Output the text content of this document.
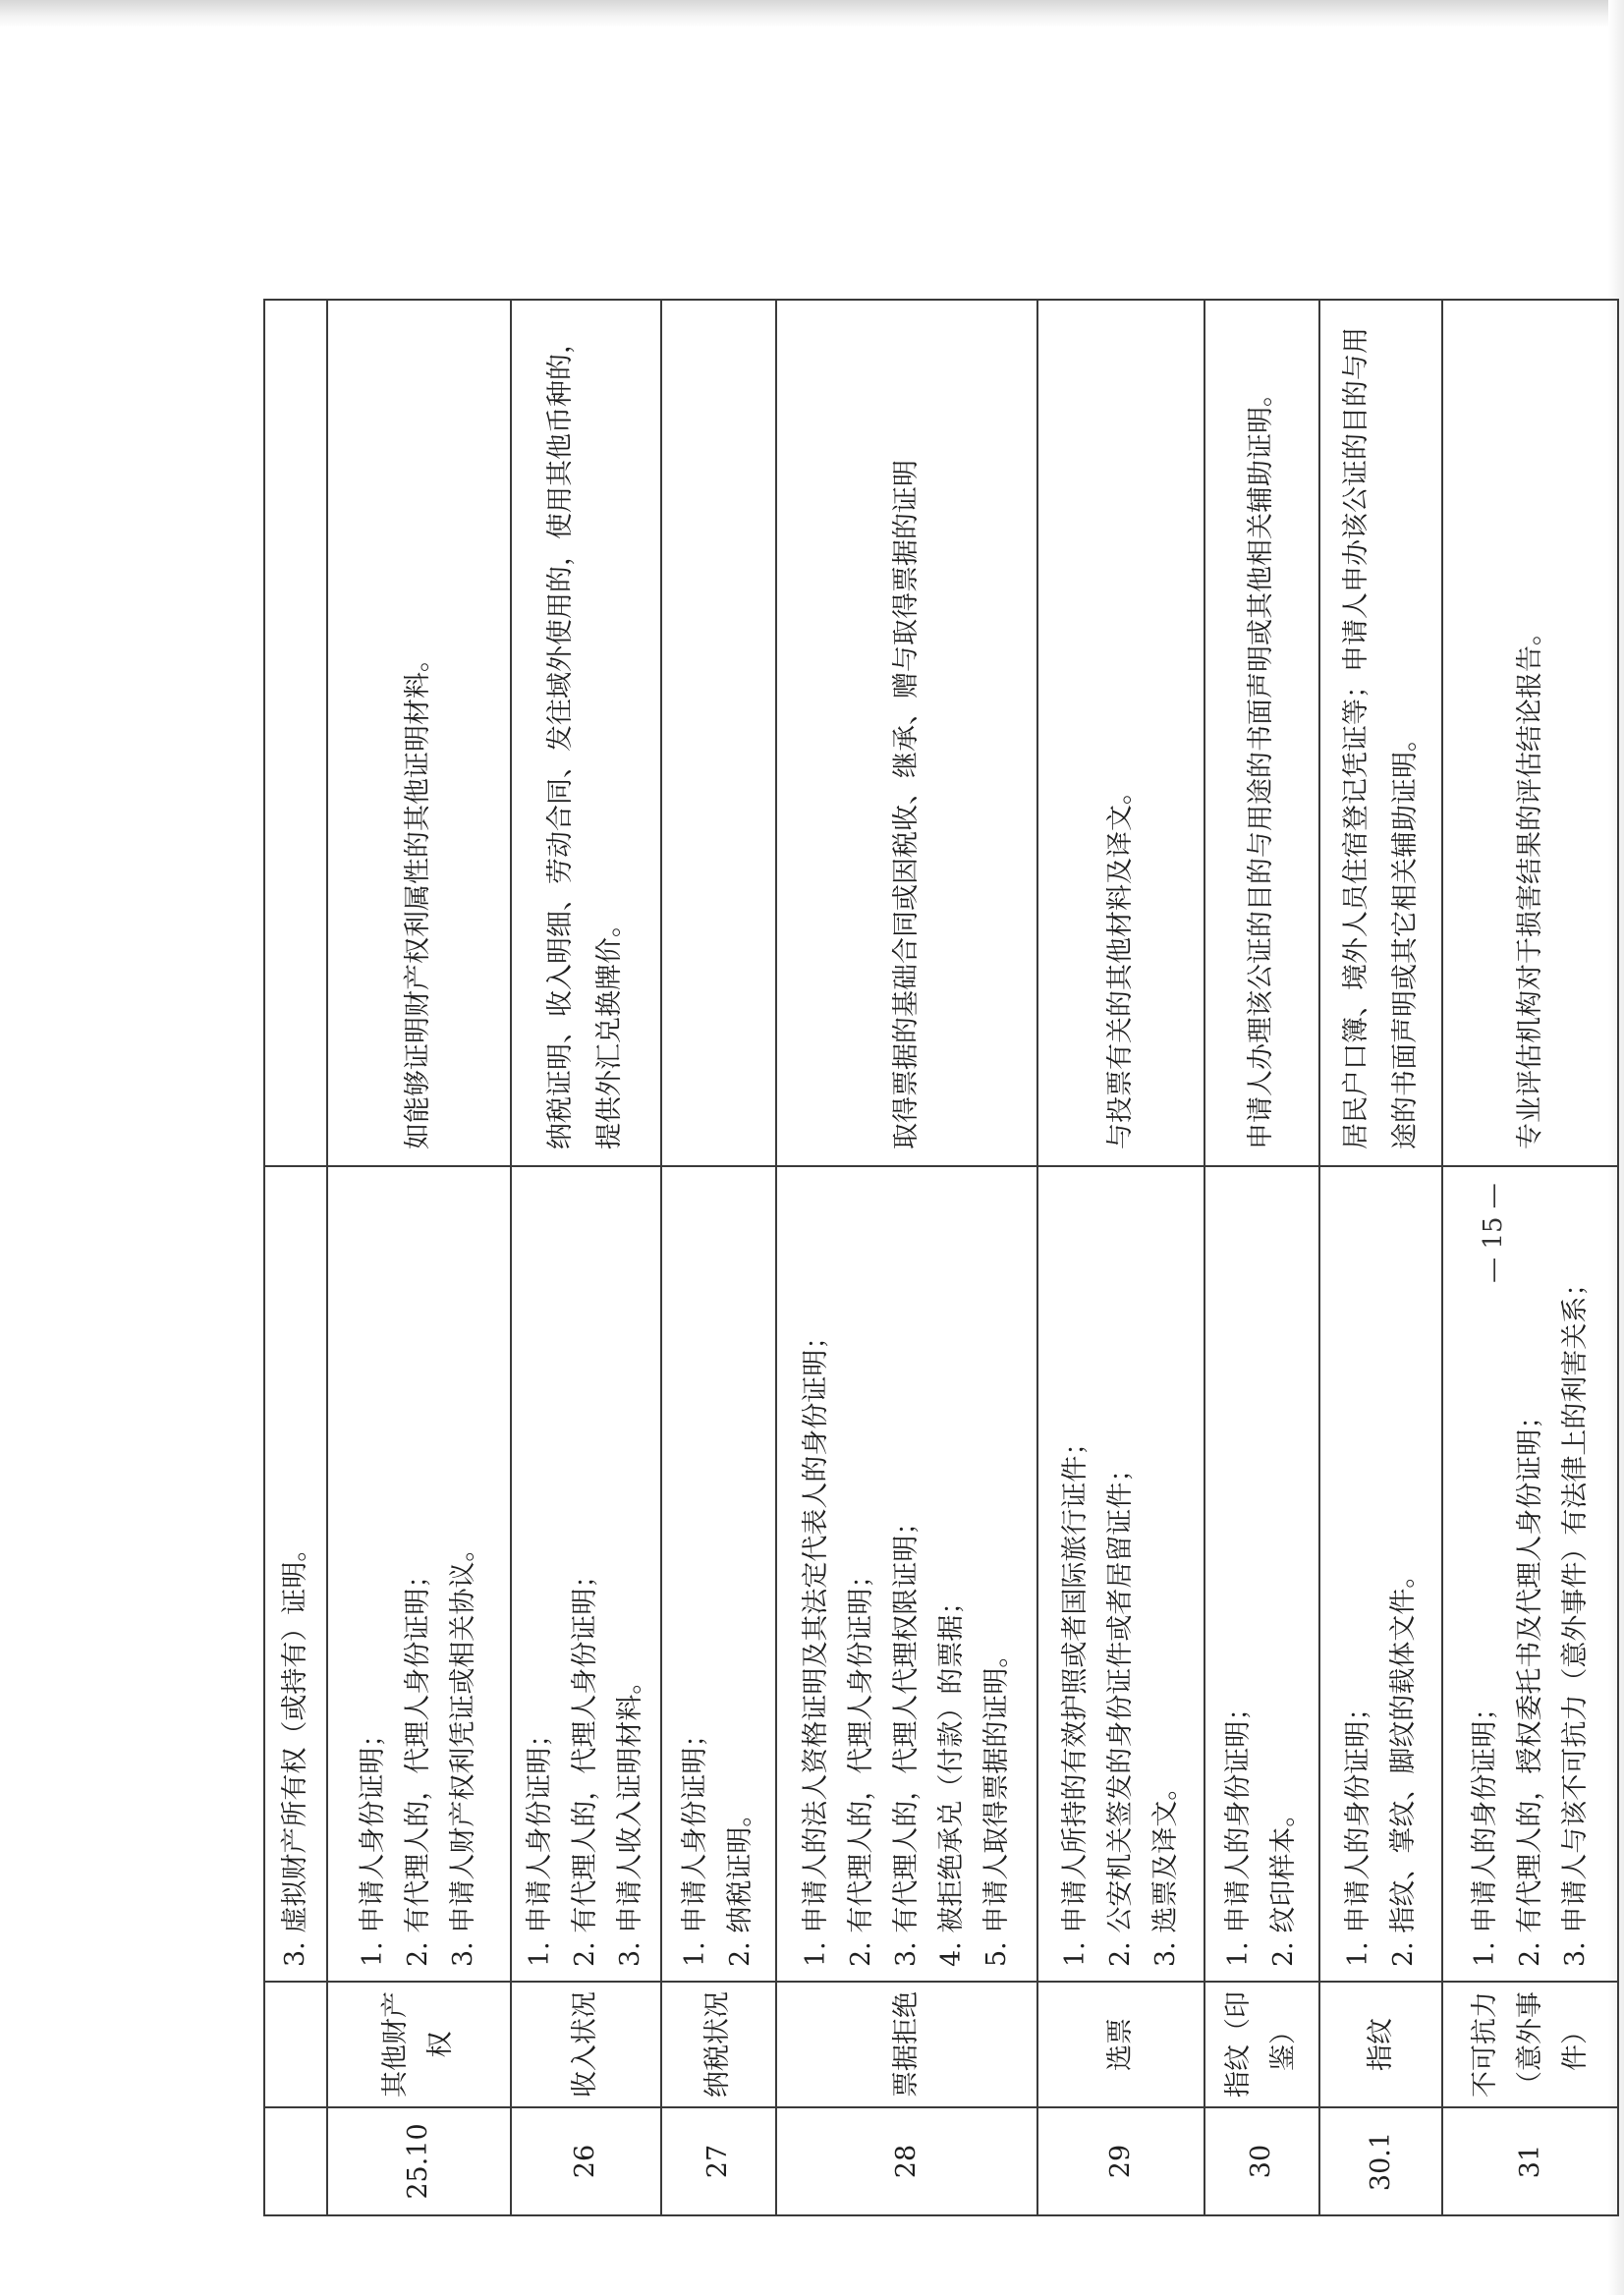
		3. 虚拟财产所有权（或持有）证明。	

25.10	其他财产权	1. 申请人身份证明； 2. 有代理人的，代理人身份证明； 3. 申请人财产权利凭证或相关协议。	如能够证明财产权利属性的其他证明材料。
26	收入状况	1. 申请人身份证明； 2. 有代理人的，代理人身份证明； 3. 申请人收入证明材料。	纳税证明、收入明细、劳动合同、发往域外使用的，使用其他币种的，提供外汇兑换牌价。
27	纳税状况	1. 申请人身份证明； 2. 纳税证明。	

28	票据拒绝	1. 申请人的法人资格证明及其法定代表人的身份证明； 2. 有代理人的，代理人身份证明； 3. 有代理人的，代理人代理权限证明； 4. 被拒绝承兑（付款）的票据； 5. 申请人取得票据的证明。	取得票据的基础合同或因税收、继承、赠与取得票据的证明
29	选票	1. 申请人所持的有效护照或者国际旅行证件； 2. 公安机关签发的身份证件或者居留证件； 3. 选票及译文。	与投票有关的其他材料及译文。
30	指纹（印鉴）	1. 申请人的身份证明； 2. 纹印样本。	申请人办理该公证的目的与用途的书面声明或其他相关辅助证明。
30.1	指纹	1. 申请人的身份证明； 2. 指纹、掌纹、脚纹的载体文件。	居民户口簿、境外人员住宿登记凭证等；申请人申办该公证的目的与用途的书面声明或其它相关辅助证明。
31	不可抗力（意外事件）	1. 申请人的身份证明； 2. 有代理人的，授权委托书及代理人身份证明； 3. 申请人与该不可抗力（意外事件）有法律上的利害关系；	专业评估机构对于损害结果的评估结论报告。
— 15 —
